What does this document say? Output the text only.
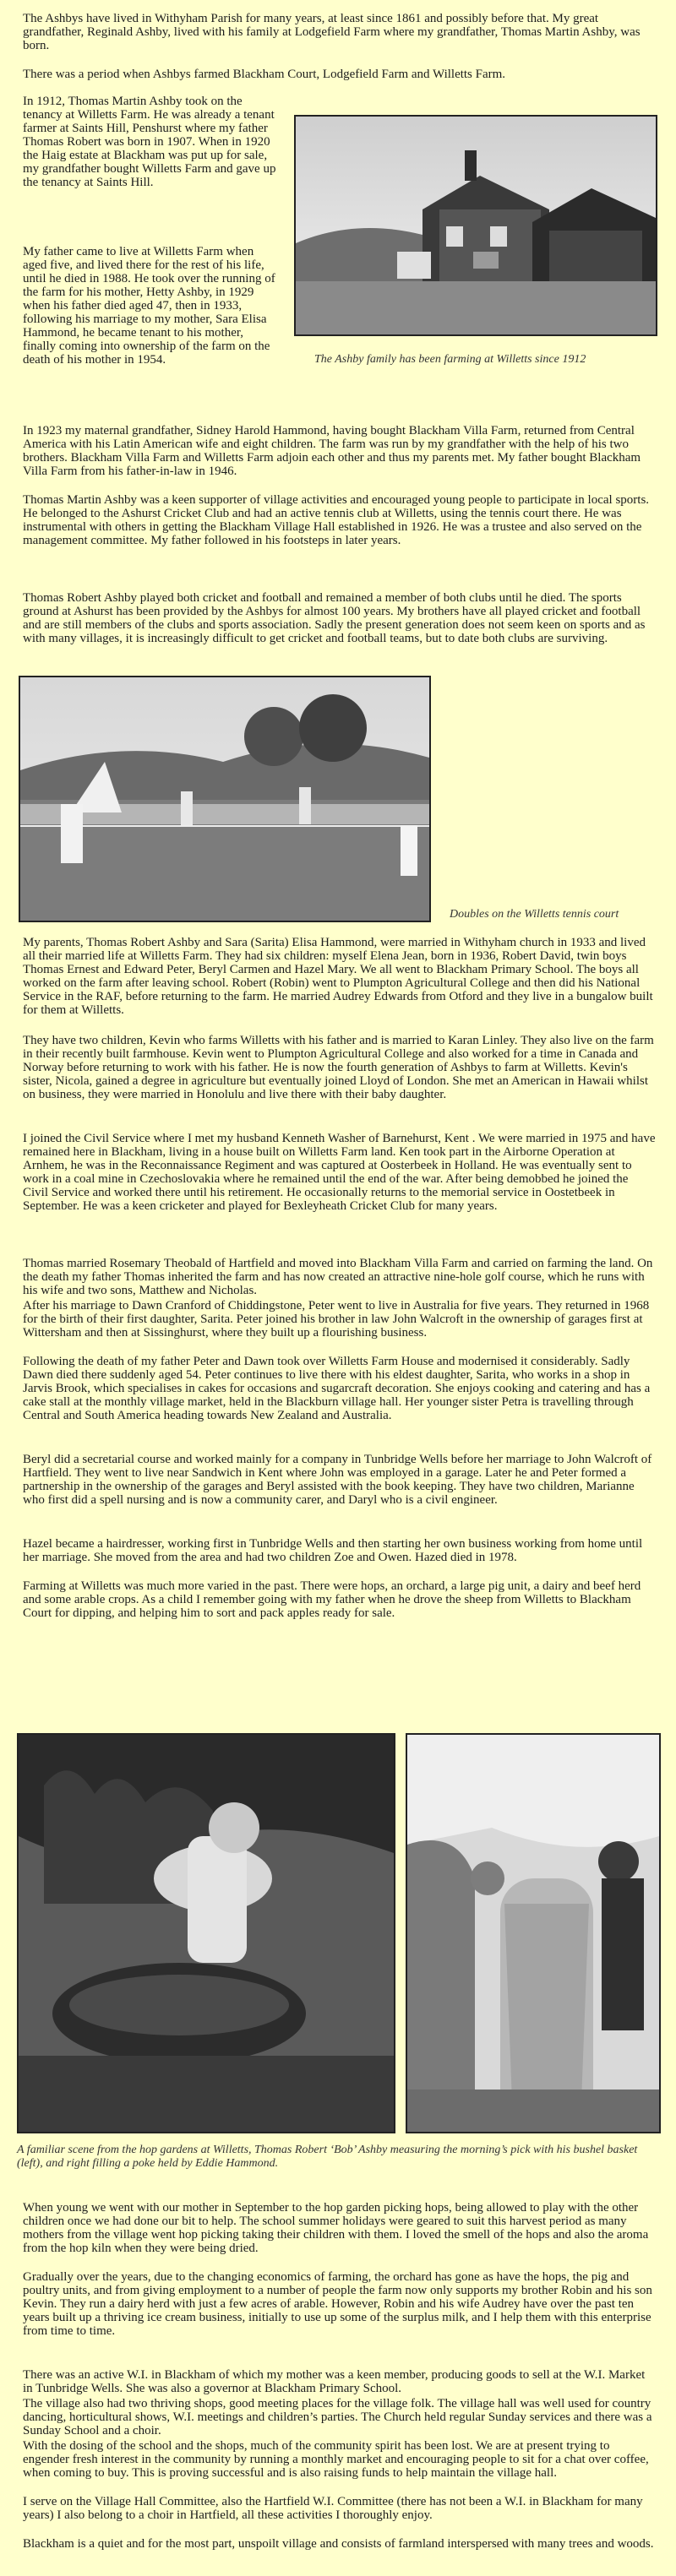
The Ashbys have lived in Withyham Parish for many years, at least since 1861 and possibly before that. My great grandfather, Reginald Ashby, lived with his family at Lodgefield Farm where my grandfather, Thomas Martin Ashby, was born.

There was a period when Ashbys farmed Blackham Court, Lodgefield Farm and Willetts Farm.

In 1912, Thomas Martin Ashby took on the tenancy at Willetts Farm. He was already a tenant farmer at Saints Hill, Penshurst where my father Thomas Robert was born in 1907. When in 1920 the Haig estate at Blackham was put up for sale, my grandfather bought Willetts Farm and gave up the tenancy at Saints Hill.

My father came to live at Willetts Farm when aged five, and lived there for the rest of his life, until he died in 1988. He took over the running of the farm for his mother, Hetty Ashby, in 1929 when his father died aged 47, then in 1933, following his marriage to my mother, Sara Elisa Hammond, he became tenant to his mother, finally coming into ownership of the farm on the death of his mother in 1954.	The Ashby family has been farming at Willetts since 1912

In 1923 my maternal grandfather, Sidney Harold Hammond, having bought Blackham Villa Farm, returned from Central America with his Latin American wife and eight children. The farm was run by my grandfather with the help of his two brothers. Blackham Villa Farm and Willetts Farm adjoin each other and thus my parents met. My father bought Blackham Villa Farm from his father-in-law in 1946.

Thomas Martin Ashby was a keen supporter of village activities and encouraged young people to participate in local sports. He belonged to the Ashurst Cricket Club and had an active tennis club at Willetts, using the tennis court there. He was instrumental with others in getting the Blackham Village Hall established in 1926. He was a trustee and also served on the management committee. My father followed in his footsteps in later years.

Thomas Robert Ashby played both cricket and football and remained a member of both clubs until he died. The sports ground at Ashurst has been provided by the Ashbys for almost 100 years. My brothers have all played cricket and football and are still members of the clubs and sports association. Sadly the present generation does not seem keen on sports and as with many villages, it is increasingly difficult to get cricket and football teams, but to date both clubs are surviving.

Doubles on the Willetts tennis court

My parents, Thomas Robert Ashby and Sara (Sarita) Elisa Hammond, were married in Withyham church in 1933 and lived all their married life at Willetts Farm. They had six children: myself Elena Jean, born in 1936, Robert David, twin boys Thomas Ernest and Edward Peter, Beryl Carmen and Hazel Mary. We all went to Blackham Primary School. The boys all worked on the farm after leaving school. Robert (Robin) went to Plumpton Agricultural College and then did his National Service in the RAF, before returning to the farm. He married Audrey Edwards from Otford and they live in a bungalow built for them at Willetts.

They have two children, Kevin who farms Willetts with his father and is married to Karan Linley. They also live on the farm in their recently built farmhouse. Kevin went to Plumpton Agricultural College and also worked for a time in Canada and Norway before returning to work with his father. He is now the fourth generation of Ashbys to farm at Willetts. Kevin's sister, Nicola, gained a degree in agriculture but eventually joined Lloyd of London. She met an American in Hawaii whilst on business, they were married in Honolulu and live there with their baby daughter.

I joined the Civil Service where I met my husband Kenneth Washer of Barnehurst, Kent . We were married in 1975 and have remained here in Blackham, living in a house built on Willetts Farm land. Ken took part in the Airborne Operation at Arnhem, he was in the Reconnaissance Regiment and was captured at Oosterbeek in Holland. He was eventually sent to work in a coal mine in Czechoslovakia where he remained until the end of the war. After being demobbed he joined the Civil Service and worked there until his retirement. He occasionally returns to the memorial service in Oostetbeek in September. He was a keen cricketer and played for Bexleyheath Cricket Club for many years.

Thomas married Rosemary Theobald of Hartfield and moved into Blackham Villa Farm and carried on farming the land. On the death my father Thomas inherited the farm and has now created an attractive nine-hole golf course, which he runs with his wife and two sons, Matthew and Nicholas.

After his marriage to Dawn Cranford of Chiddingstone, Peter went to live in Australia for five years. They returned in 1968 for the birth of their first daughter, Sarita. Peter joined his brother in law John Walcroft in the ownership of garages first at Wittersham and then at Sissinghurst, where they built up a flourishing business.

Following the death of my father Peter and Dawn took over Willetts Farm House and modernised it considerably. Sadly Dawn died there suddenly aged 54. Peter continues to live there with his eldest daughter, Sarita, who works in a shop in Jarvis Brook, which specialises in cakes for occasions and sugarcraft decoration. She enjoys cooking and catering and has a cake stall at the monthly village market, held in the Blackburn village hall. Her younger sister Petra is travelling through Central and South America heading towards New Zealand and Australia.

Beryl did a secretarial course and worked mainly for a company in Tunbridge Wells before her marriage to John Walcroft of Hartfield. They went to live near Sandwich in Kent where John was employed in a garage. Later he and Peter formed a partnership in the ownership of the garages and Beryl assisted with the book keeping. They have two children, Marianne who first did a spell nursing and is now a community carer, and Daryl who is a civil engineer.

Hazel became a hairdresser, working first in Tunbridge Wells and then starting her own business working from home until her marriage. She moved from the area and had two children Zoe and Owen. Hazed died in 1978.

Farming at Willetts was much more varied in the past. There were hops, an orchard, a large pig unit, a dairy and beef herd and some arable crops. As a child I remember going with my father when he drove the sheep from Willetts to Blackham Court for dipping, and helping him to sort and pack apples ready for sale.

A familiar scene from the hop gardens at Willetts, Thomas Robert ‘Bob’ Ashby measuring the morning’s pick with his bushel basket (left), and right filling a poke held by Eddie Hammond.

When young we went with our mother in September to the hop garden picking hops, being allowed to play with the other children once we had done our bit to help. The school summer holidays were geared to suit this harvest period as many mothers from the village went hop picking taking their children with them. I loved the smell of the hops and also the aroma from the hop kiln when they were being dried.

Gradually over the years, due to the changing economics of farming, the orchard has gone as have the hops, the pig and poultry units, and from giving employment to a number of people the farm now only supports my brother Robin and his son Kevin. They run a dairy herd with just a few acres of arable. However, Robin and his wife Audrey have over the past ten years built up a thriving ice cream business, initially to use up some of the surplus milk, and I help them with this enterprise from time to time.

There was an active W.I. in Blackham of which my mother was a keen member, producing goods to sell at the W.I. Market in Tunbridge Wells. She was also a governor at Blackham Primary School.

The village also had two thriving shops, good meeting places for the village folk. The village hall was well used for country dancing, horticultural shows, W.I. meetings and children’s parties. The Church held regular Sunday services and there was a Sunday School and a choir.

With the dosing of the school and the shops, much of the community spirit has been lost. We are at present trying to engender fresh interest in the community by running a monthly market and encouraging people to sit for a chat over coffee, when coming to buy. This is proving successful and is also raising funds to help maintain the village hall.

I serve on the Village Hall Committee, also the Hartfield W.I. Committee (there has not been a W.I. in Blackham for many years) I also belong to a choir in Hartfield, all these activities I thoroughly enjoy.

Blackham is a quiet and for the most part, unspoilt village and consists of farmland interspersed with many trees and woods.
